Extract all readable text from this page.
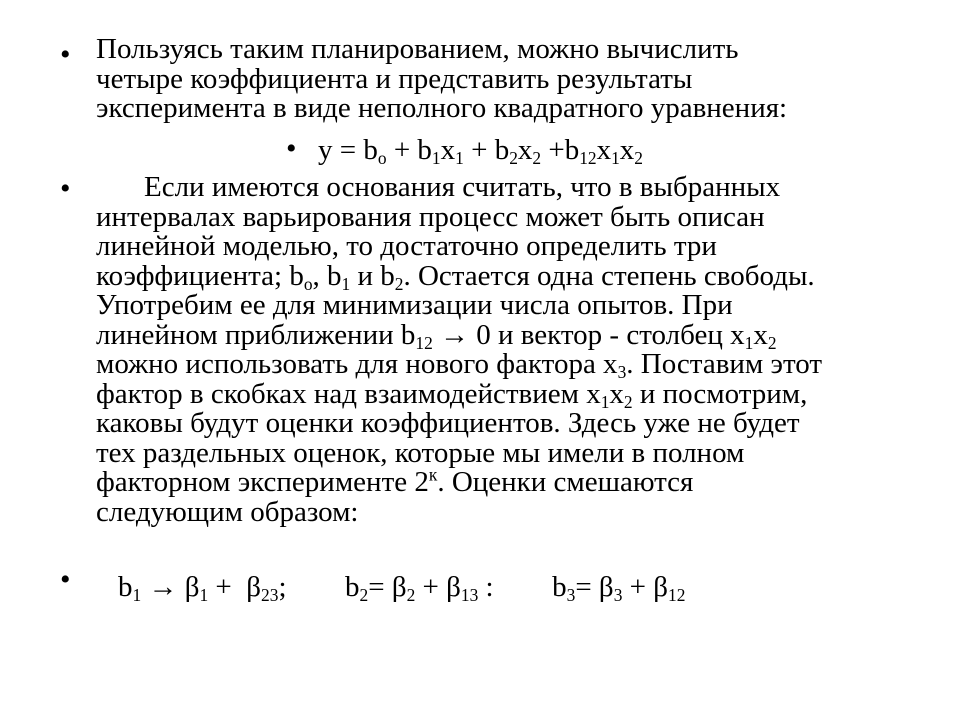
• Пользуясь таким планированием, можно вычислить
четыре коэффициента и представить результаты
эксперимента в виде неполного квадратного уравнения:

• $y = b_o + b_1x_1 + b_2x_2 +b_{12}x_1x_2$
•	Если имеются основания считать, что в выбранных
интервалах варьирования процесс может быть описан
линейной моделью, то достаточно определить три
коэффициента; $b_o$, $b_1$ и $b_2$. Остается одна степень свободы.
Употребим ее для минимизации числа опытов. При
линейном приближении $b_{12} \to 0$ и вектор - столбец $x_1x_2$
можно использовать для нового фактора $x_3$. Поставим этот
фактор в скобках над взаимодействием $x_1x_2$ и посмотрим,
каковы будут оценки коэффициентов. Здесь уже не будет
тех раздельных оценок, которые мы имели в полном
факторном эксперименте $2^к$. Оценки смешаются
следующим образом:

• $b_1 \to \beta_1 + \beta_{23}$; $b_2= \beta_2 + \beta_{13}$ : $b_3= \beta_3 + \beta_{12}$
